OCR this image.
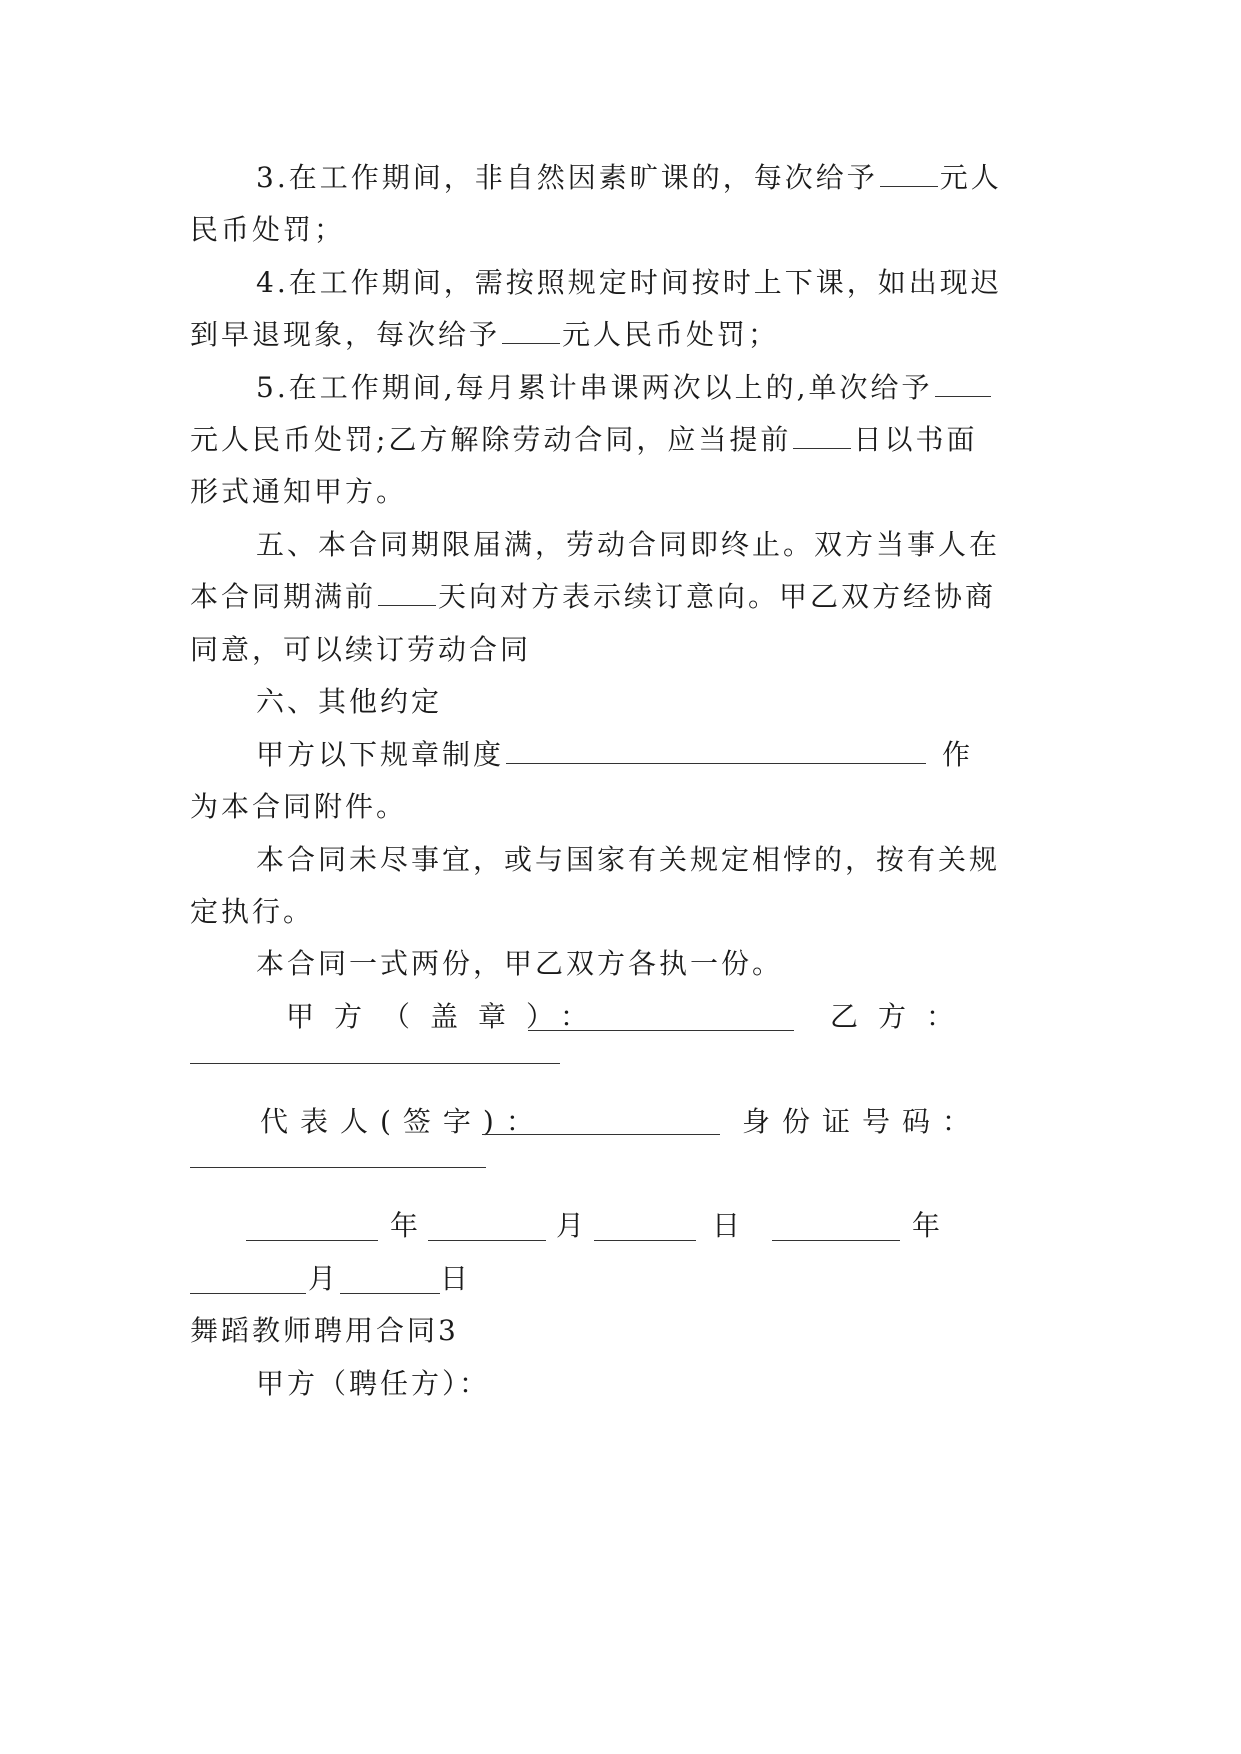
3.在工作期间，非自然因素旷课的，每次给予 元人
民币处罚；
4.在工作期间，需按照规定时间按时上下课，如出现迟
到早退现象，每次给予 元人民币处罚；
5.在工作期间,每月累计串课两次以上的,单次给予
元人民币处罚;乙方解除劳动合同，应当提前 日以书面
形式通知甲方。
五、本合同期限届满，劳动合同即终止。双方当事人在
本合同期满前 天向对方表示续订意向。甲乙双方经协商
同意，可以续订劳动合同
六、其他约定
甲方以下规章制度	作
为本合同附件。
本合同未尽事宜，或与国家有关规定相悖的，按有关规
定执行。
本合同一式两份，甲乙双方各执一份。
甲方（盖章）：	乙方：
代表人(签字)：	身份证号码：
年	月	日	年
月	日
舞蹈教师聘用合同3
甲方（聘任方）：
